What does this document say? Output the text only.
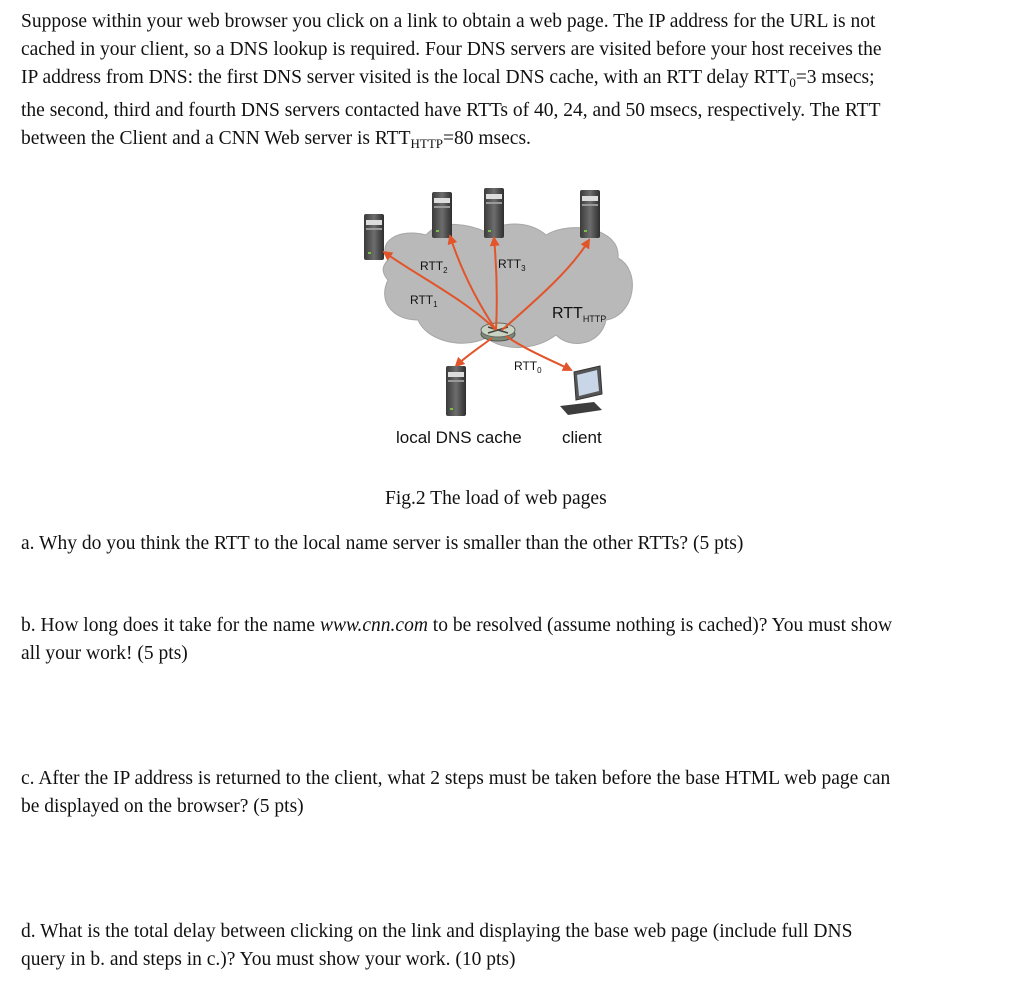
Suppose within your web browser you click on a link to obtain a web page. The IP address for the URL is not
cached in your client, so a DNS lookup is required. Four DNS servers are visited before your host receives the
IP address from DNS: the first DNS server visited is the local DNS cache, with an RTT delay $RTT_0=3$ msecs;
the second, third and fourth DNS servers contacted have RTTs of 40, 24, and 50 msecs, respectively. The RTT
between the Client and a CNN Web server is $RTT_{HTTP}=80$ msecs.
$RTT_2$	$RTT_3$
$RTT_1$
$RTT_{HTTP}$
$RTT_0$
local DNS cache client
Fig.2 The load of web pages
a. Why do you think the RTT to the local name server is smaller than the other RTTs? (5 pts)
b. How long does it take for the name www.cnn.com to be resolved (assume nothing is cached)? You must show
all your work! (5 pts)
c. After the IP address is returned to the client, what 2 steps must be taken before the base HTML web page can
be displayed on the browser? (5 pts)
d. What is the total delay between clicking on the link and displaying the base web page (include full DNS
query in b. and steps in c.)? You must show your work. (10 pts)
